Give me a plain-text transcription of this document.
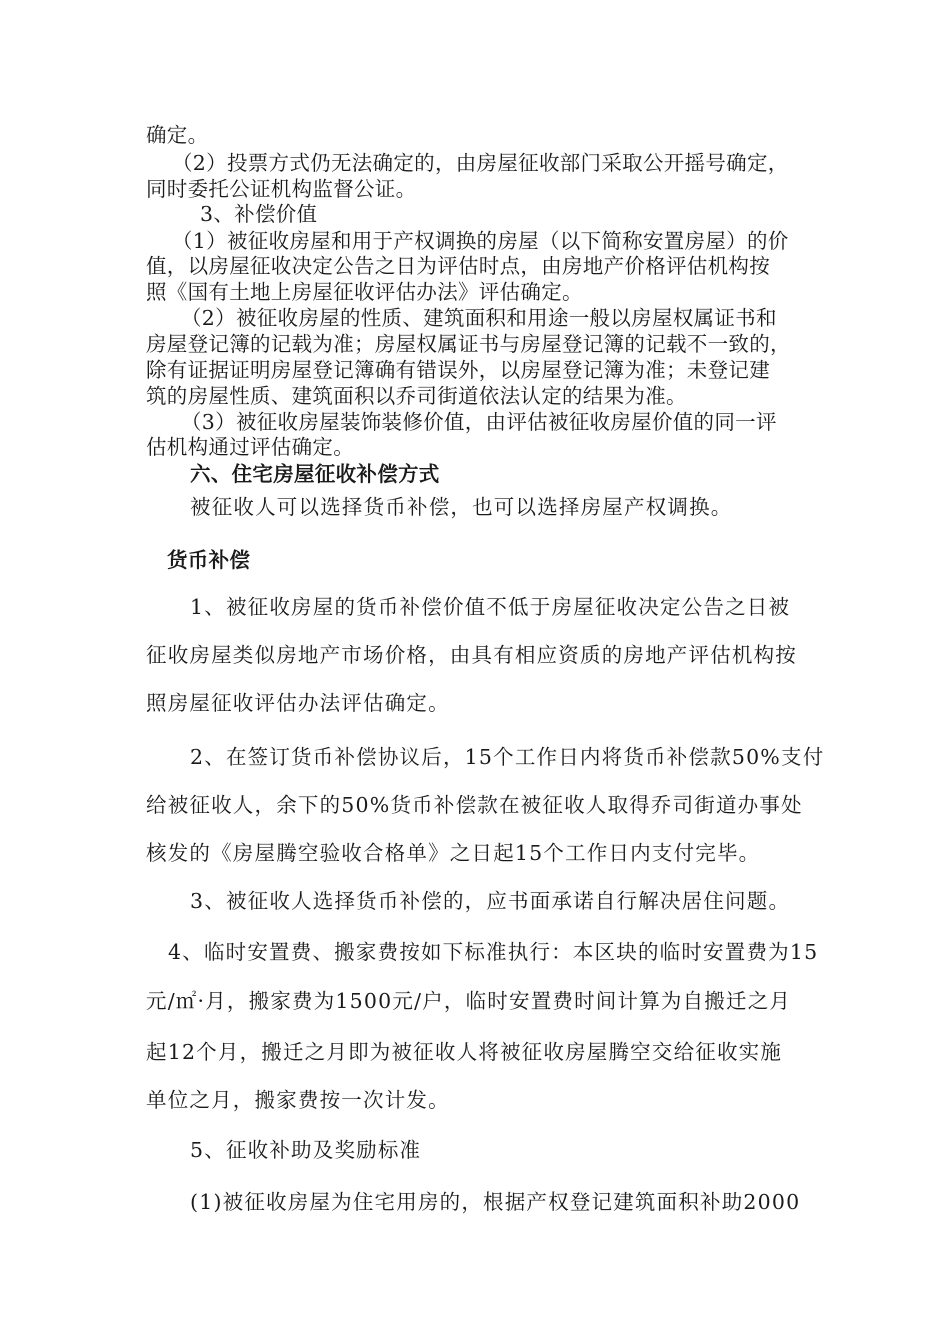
确定。
（2）投票方式仍无法确定的，由房屋征收部门采取公开摇号确定，
同时委托公证机构监督公证。
3、补偿价值
（1）被征收房屋和用于产权调换的房屋（以下简称安置房屋）的价
值，以房屋征收决定公告之日为评估时点，由房地产价格评估机构按
照《国有土地上房屋征收评估办法》评估确定。
（2）被征收房屋的性质、建筑面积和用途一般以房屋权属证书和
房屋登记簿的记载为准；房屋权属证书与房屋登记簿的记载不一致的，
除有证据证明房屋登记簿确有错误外，以房屋登记簿为准；未登记建
筑的房屋性质、建筑面积以乔司街道依法认定的结果为准。
（3）被征收房屋装饰装修价值，由评估被征收房屋价值的同一评
估机构通过评估确定。
六、住宅房屋征收补偿方式
被征收人可以选择货币补偿，也可以选择房屋产权调换。
货币补偿
1、被征收房屋的货币补偿价值不低于房屋征收决定公告之日被
征收房屋类似房地产市场价格，由具有相应资质的房地产评估机构按
照房屋征收评估办法评估确定。
2、在签订货币补偿协议后，15个工作日内将货币补偿款50%支付
给被征收人，余下的50%货币补偿款在被征收人取得乔司街道办事处
核发的《房屋腾空验收合格单》之日起15个工作日内支付完毕。
3、被征收人选择货币补偿的，应书面承诺自行解决居住问题。
4、临时安置费、搬家费按如下标准执行：本区块的临时安置费为15
元/㎡·月，搬家费为1500元/户，临时安置费时间计算为自搬迁之月
起12个月，搬迁之月即为被征收人将被征收房屋腾空交给征收实施
单位之月，搬家费按一次计发。
5、征收补助及奖励标准
(1)被征收房屋为住宅用房的，根据产权登记建筑面积补助2000
